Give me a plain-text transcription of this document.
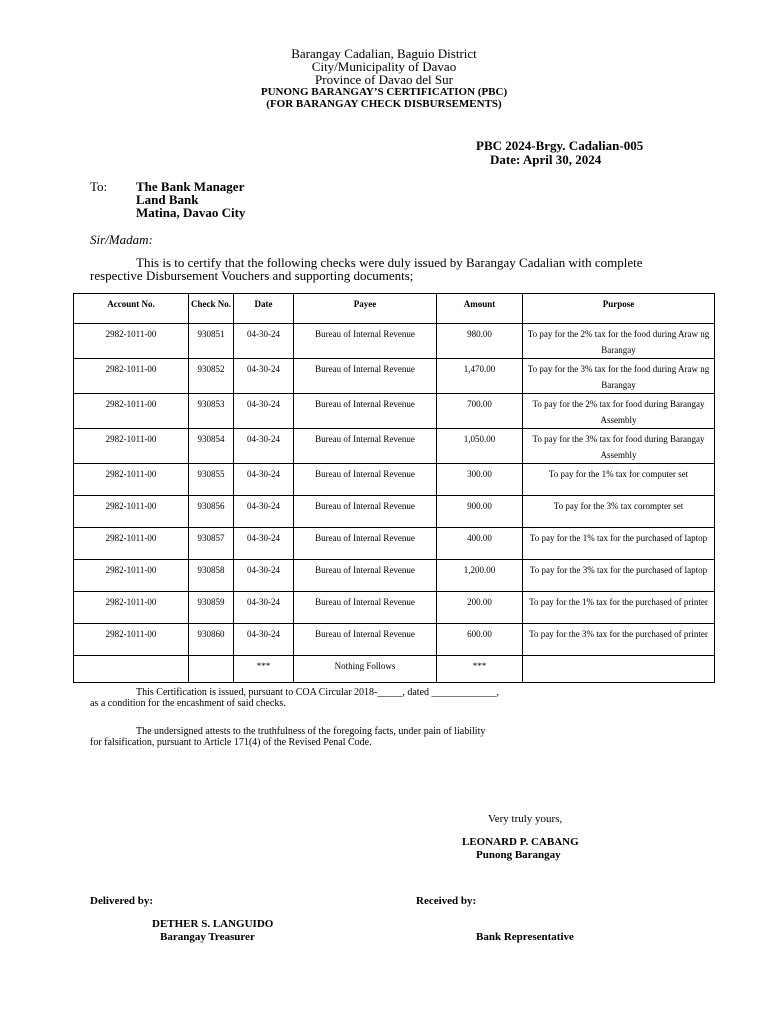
Barangay Cadalian, Baguio District
City/Municipality of Davao
Province of Davao del Sur
PUNONG BARANGAY’S CERTIFICATION (PBC)
(FOR BARANGAY CHECK DISBURSEMENTS)
PBC 2024-Brgy. Cadalian-005
Date: April 30, 2024
To: The Bank Manager
Land Bank
Matina, Davao City
Sir/Madam:
This is to certify that the following checks were duly issued by Barangay Cadalian with complete
respective Disbursement Vouchers and supporting documents;
Account No.	Check No.	Date	Payee	Amount	Purpose
2982-1011-00	930851	04-30-24	Bureau of Internal Revenue	980.00	To pay for the 2% tax for the food during Araw ng Barangay
2982-1011-00	930852	04-30-24	Bureau of Internal Revenue	1,470.00	To pay for the 3% tax for the food during Araw ng Barangay
2982-1011-00	930853	04-30-24	Bureau of Internal Revenue	700.00	To pay for the 2% tax for food during Barangay Assembly
2982-1011-00	930854	04-30-24	Bureau of Internal Revenue	1,050.00	To pay for the 3% tax for food during Barangay Assembly
2982-1011-00	930855	04-30-24	Bureau of Internal Revenue	300.00	To pay for the 1% tax for computer set
2982-1011-00	930856	04-30-24	Bureau of Internal Revenue	900.00	To pay for the 3% tax corompter set
2982-1011-00	930857	04-30-24	Bureau of Internal Revenue	400.00	To pay for the 1% tax for the purchased of laptop
2982-1011-00	930858	04-30-24	Bureau of Internal Revenue	1,200.00	To pay for the 3% tax for the purchased of laptop
2982-1011-00	930859	04-30-24	Bureau of Internal Revenue	200.00	To pay for the 1% tax for the purchased of printer
2982-1011-00	930860	04-30-24	Bureau of Internal Revenue	600.00	To pay for the 3% tax for the purchased of printer
		***	Nothing Follows	***	
This Certification is issued, pursuant to COA Circular 2018-_____, dated _____________,
as a condition for the encashment of said checks.
The undersigned attests to the truthfulness of the foregoing facts, under pain of liability
for falsification, pursuant to Article 171(4) of the Revised Penal Code.
Very truly yours,
LEONARD P. CABANG
Punong Barangay
Delivered by:	Received by:
DETHER S. LANGUIDO
Barangay Treasurer	Bank Representative
